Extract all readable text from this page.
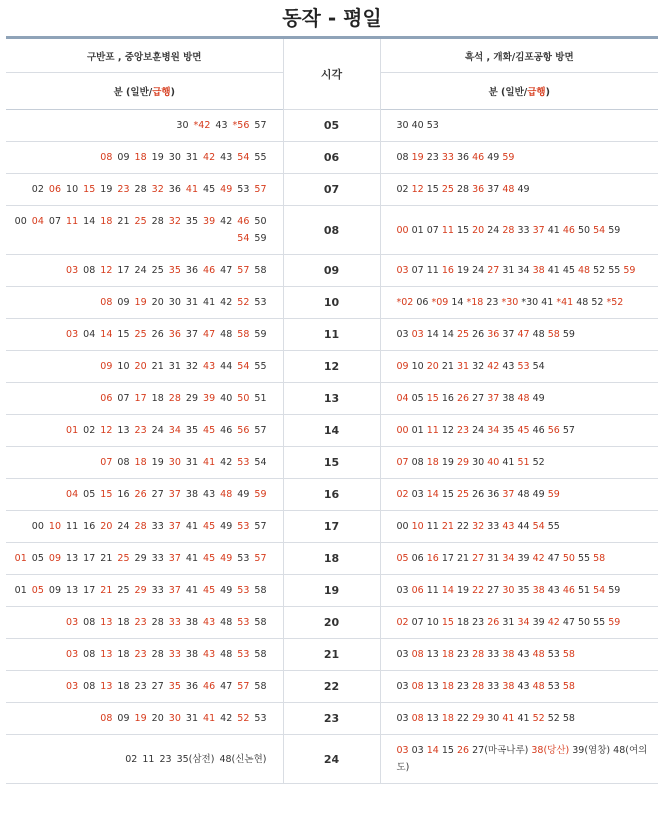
동작 - 평일
구반포 , 중앙보훈병원 방면	시각	흑석 , 개화/김포공항 방면
분 (일반/급행)		분 (일반/급행)
30 *42 43 *56 57	05	30 40 53
08 09 18 19 30 31 42 43 54 55	06	08 19 23 33 36 46 49 59
02 06 10 15 19 23 28 32 36 41 45 49 53 57	07	02 12 15 25 28 36 37 48 49
00 04 07 11 14 18 21 25 28 32 35 39 42 46 50 54 59	08	00 01 07 11 15 20 24 28 33 37 41 46 50 54 59
03 08 12 17 24 25 35 36 46 47 57 58	09	03 07 11 16 19 24 27 31 34 38 41 45 48 52 55 59
08 09 19 20 30 31 41 42 52 53	10	*02 06 *09 14 *18 23 *30 *30 41 *41 48 52 *52
03 04 14 15 25 26 36 37 47 48 58 59	11	03 03 14 14 25 26 36 37 47 48 58 59
09 10 20 21 31 32 43 44 54 55	12	09 10 20 21 31 32 42 43 53 54
06 07 17 18 28 29 39 40 50 51	13	04 05 15 16 26 27 37 38 48 49
01 02 12 13 23 24 34 35 45 46 56 57	14	00 01 11 12 23 24 34 35 45 46 56 57
07 08 18 19 30 31 41 42 53 54	15	07 08 18 19 29 30 40 41 51 52
04 05 15 16 26 27 37 38 43 48 49 59	16	02 03 14 15 25 26 36 37 48 49 59
00 10 11 16 20 24 28 33 37 41 45 49 53 57	17	00 10 11 21 22 32 33 43 44 54 55
01 05 09 13 17 21 25 29 33 37 41 45 49 53 57	18	05 06 16 17 21 27 31 34 39 42 47 50 55 58
01 05 09 13 17 21 25 29 33 37 41 45 49 53 58	19	03 06 11 14 19 22 27 30 35 38 43 46 51 54 59
03 08 13 18 23 28 33 38 43 48 53 58	20	02 07 10 15 18 23 26 31 34 39 42 47 50 55 59
03 08 13 18 23 28 33 38 43 48 53 58	21	03 08 13 18 23 28 33 38 43 48 53 58
03 08 13 18 23 27 35 36 46 47 57 58	22	03 08 13 18 23 28 33 38 43 48 53 58
08 09 19 20 30 31 41 42 52 53	23	03 08 13 18 22 29 30 41 41 52 52 58
02 11 23 35(삼전) 48(신논현)	24	03 03 14 15 26 27(마곡나루) 38(당산) 39(염창) 48(여의도)
